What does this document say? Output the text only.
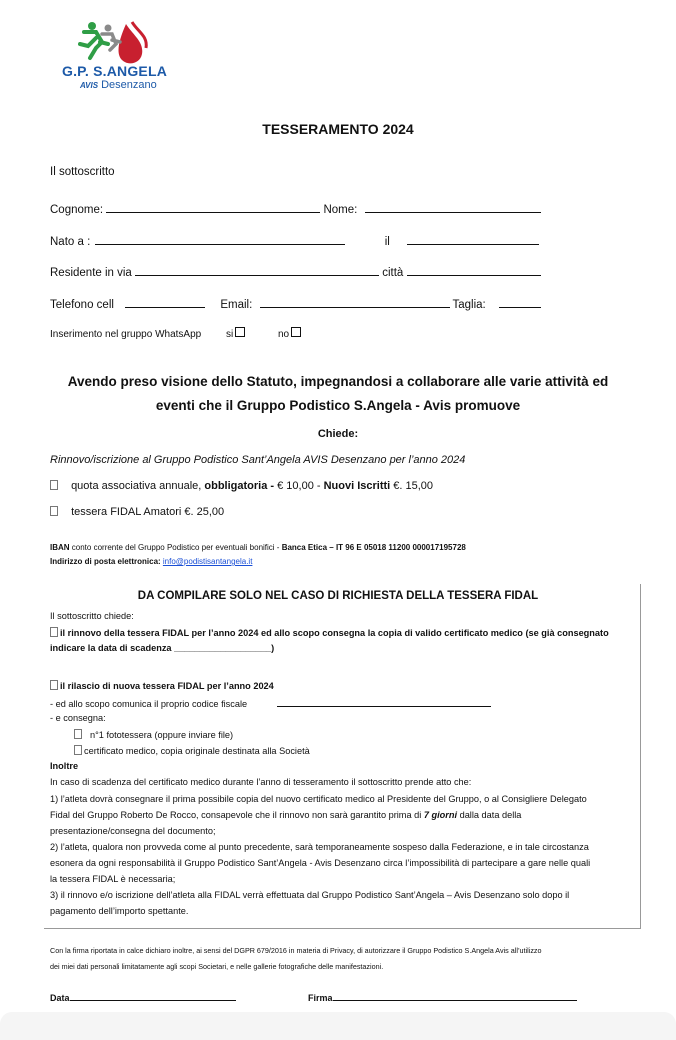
G.P. S.ANGELA
AVIS Desenzano
TESSERAMENTO 2024
Il sottoscritto
Cognome:	Nome:
Nato a :	il
Residente in via	città
Telefono cell	Email:	Taglia:
Inserimento nel gruppo WhatsApp si	no
Avendo preso visione dello Statuto, impegnandosi a collaborare alle varie attività ed
eventi che il Gruppo Podistico S.Angela - Avis promuove
Chiede:
Rinnovo/iscrizione al Gruppo Podistico Sant’Angela AVIS Desenzano per l’anno 2024
quota associativa annuale, obbligatoria - € 10,00 - Nuovi Iscritti €. 15,00
tessera FIDAL Amatori €. 25,00
IBAN conto corrente del Gruppo Podistico per eventuali bonifici - Banca Etica – IT 96 E 05018 11200 000017195728
Indirizzo di posta elettronica: info@podistisantangela.it
DA COMPILARE SOLO NEL CASO DI RICHIESTA DELLA TESSERA FIDAL
Il sottoscritto chiede:
il rinnovo della tessera FIDAL per l’anno 2024 ed allo scopo consegna la copia di valido certificato medico (se già consegnato
indicare la data di scadenza ___________________)
il rilascio di nuova tessera FIDAL per l’anno 2024
- ed allo scopo comunica il proprio codice fiscale
- e consegna:
n°1 fototessera (oppure inviare file)
certificato medico, copia originale destinata alla Società
Inoltre
In caso di scadenza del certificato medico durante l’anno di tesseramento il sottoscritto prende atto che:
1) l’atleta dovrà consegnare il prima possibile copia del nuovo certificato medico al Presidente del Gruppo, o al Consigliere Delegato
Fidal del Gruppo Roberto De Rocco, consapevole che il rinnovo non sarà garantito prima di 7 giorni dalla data della
presentazione/consegna del documento;
2) l’atleta, qualora non provveda come al punto precedente, sarà temporaneamente sospeso dalla Federazione, e in tale circostanza
esonera da ogni responsabilità il Gruppo Podistico Sant’Angela - Avis Desenzano circa l’impossibilità di partecipare a gare nelle quali
la tessera FIDAL è necessaria;
3) il rinnovo e/o iscrizione dell’atleta alla FIDAL verrà effettuata dal Gruppo Podistico Sant’Angela – Avis Desenzano solo dopo il
pagamento dell’importo spettante.
Con la firma riportata in calce dichiaro inoltre, ai sensi del DGPR 679/2016 in materia di Privacy, di autorizzare il Gruppo Podistico S.Angela Avis all’utilizzo
dei miei dati personali limitatamente agli scopi Societari, e nelle gallerie fotografiche delle manifestazioni.
Data	Firma
